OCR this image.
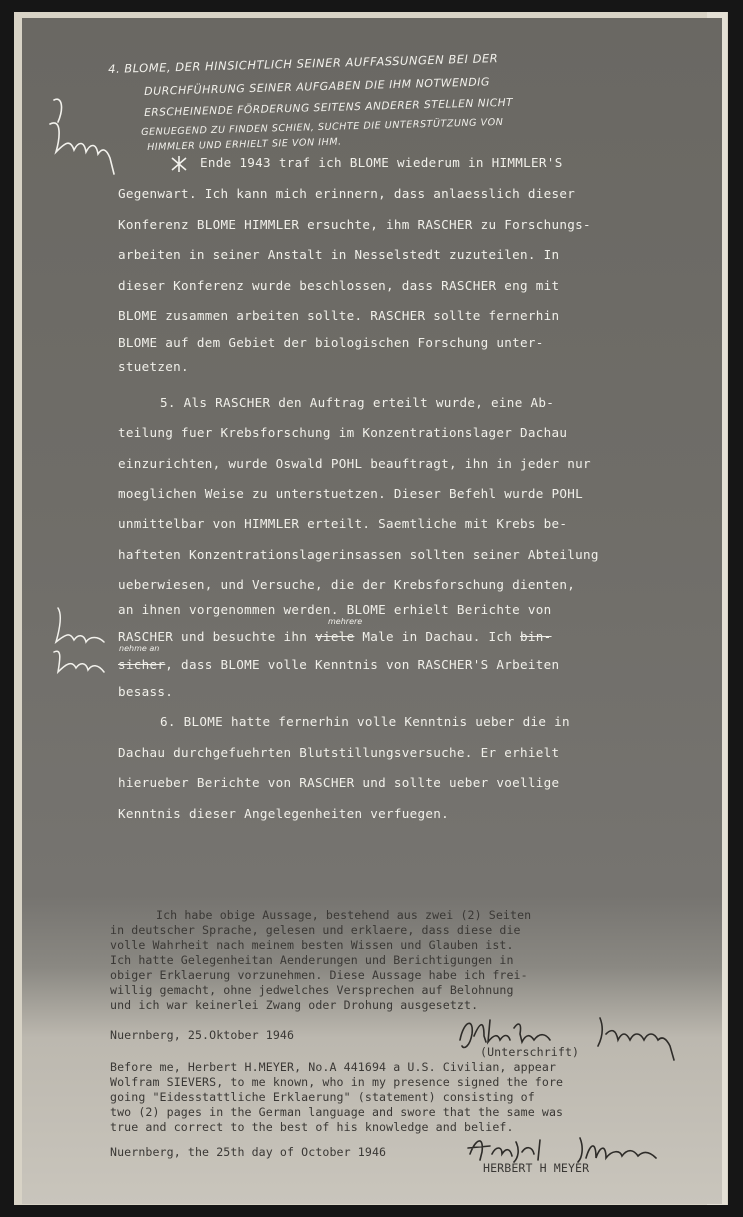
4. BLOME, DER HINSICHTLICH SEINER AUFFASSUNGEN BEI DER
DURCHFÜHRUNG SEINER AUFGABEN DIE IHM NOTWENDIG
ERSCHEINENDE FÖRDERUNG SEITENS ANDERER STELLEN NICHT
GENUEGEND ZU FINDEN SCHIEN, SUCHTE DIE UNTERSTÜTZUNG VON
HIMMLER UND ERHIELT SIE VON IHM.
Ende 1943 traf ich BLOME wiederum in HIMMLER'S
Gegenwart. Ich kann mich erinnern, dass anlaesslich dieser
Konferenz BLOME HIMMLER ersuchte, ihm RASCHER zu Forschungs-
arbeiten in seiner Anstalt in Nesselstedt zuzuteilen. In
dieser Konferenz wurde beschlossen, dass RASCHER eng mit
BLOME zusammen arbeiten sollte. RASCHER sollte fernerhin
BLOME auf dem Gebiet der biologischen Forschung unter-
stuetzen.
5. Als RASCHER den Auftrag erteilt wurde, eine Ab-
teilung fuer Krebsforschung im Konzentrationslager Dachau
einzurichten, wurde Oswald POHL beauftragt, ihn in jeder nur
moeglichen Weise zu unterstuetzen. Dieser Befehl wurde POHL
unmittelbar von HIMMLER erteilt. Saemtliche mit Krebs be-
hafteten Konzentrationslagerinsassen sollten seiner Abteilung
ueberwiesen, und Versuche, die der Krebsforschung dienten,
an ihnen vorgenommen werden. BLOME erhielt Berichte von
mehrere
RASCHER und besuchte ihn viele Male in Dachau. Ich bin-
nehme an
sicher, dass BLOME volle Kenntnis von RASCHER'S Arbeiten
besass.
6. BLOME hatte fernerhin volle Kenntnis ueber die in
Dachau durchgefuehrten Blutstillungsversuche. Er erhielt
hierueber Berichte von RASCHER und sollte ueber voellige
Kenntnis dieser Angelegenheiten verfuegen.
Ich habe obige Aussage, bestehend aus zwei (2) Seiten
in deutscher Sprache, gelesen und erklaere, dass diese die
volle Wahrheit nach meinem besten Wissen und Glauben ist.
Ich hatte Gelegenheitan Aenderungen und Berichtigungen in
obiger Erklaerung vorzunehmen. Diese Aussage habe ich frei-
willig gemacht, ohne jedwelches Versprechen auf Belohnung
und ich war keinerlei Zwang oder Drohung ausgesetzt.
Nuernberg, 25.Oktober 1946
(Unterschrift)
Before me, Herbert H.MEYER, No.A 441694 a U.S. Civilian, appear
Wolfram SIEVERS, to me known, who in my presence signed the fore
going "Eidesstattliche Erklaerung" (statement) consisting of
two (2) pages in the German language and swore that the same was
true and correct to the best of his knowledge and belief.
Nuernberg, the 25th day of October 1946
HERBERT H MEYER
